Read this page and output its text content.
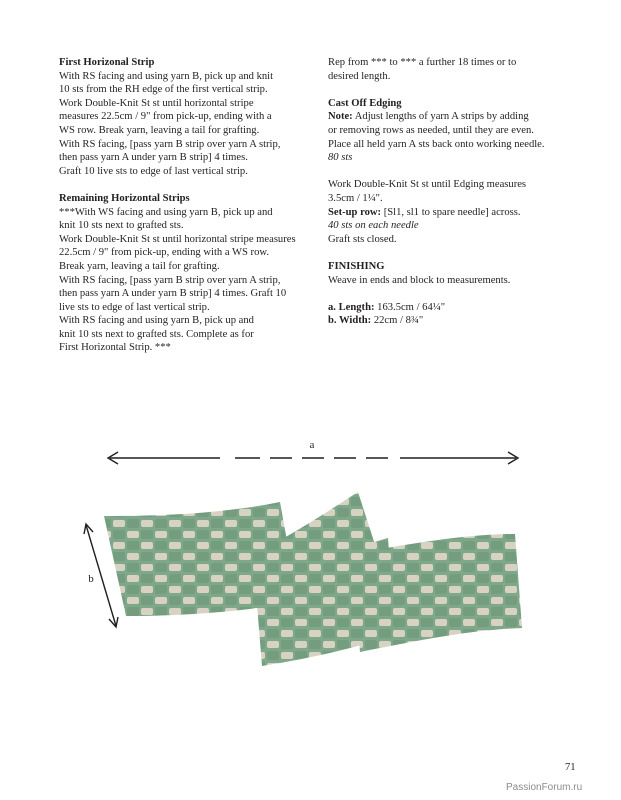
First Horizonal Strip
With RS facing and using yarn B, pick up and knit
10 sts from the RH edge of the first vertical strip.
Work Double-Knit St st until horizontal stripe
measures 22.5cm / 9" from pick-up, ending with a
WS row. Break yarn, leaving a tail for grafting.
With RS facing, [pass yarn B strip over yarn A strip,
then pass yarn A under yarn B strip] 4 times.
Graft 10 live sts to edge of last vertical strip.
Remaining Horizontal Strips
***With WS facing and using yarn B, pick up and
knit 10 sts next to grafted sts.
Work Double-Knit St st until horizontal stripe measures
22.5cm / 9" from pick-up, ending with a WS row.
Break yarn, leaving a tail for grafting.
With RS facing, [pass yarn B strip over yarn A strip,
then pass yarn A under yarn B strip] 4 times. Graft 10
live sts to edge of last vertical strip.
With RS facing and using yarn B, pick up and
knit 10 sts next to grafted sts. Complete as for
First Horizontal Strip. ***
Rep from *** to *** a further 18 times or to
desired length.
Cast Off Edging
Note: Adjust lengths of yarn A strips by adding
or removing rows as needed, until they are even.
Place all held yarn A sts back onto working needle.
80 sts
Work Double-Knit St st until Edging measures
3.5cm / 1¼".
Set-up row: [Sl1, sl1 to spare needle] across.
40 sts on each needle
Graft sts closed.
FINISHING
Weave in ends and block to measurements.
a. Length: 163.5cm / 64¼"
b. Width: 22cm / 8¾"
a
b
71
PassionForum.ru
